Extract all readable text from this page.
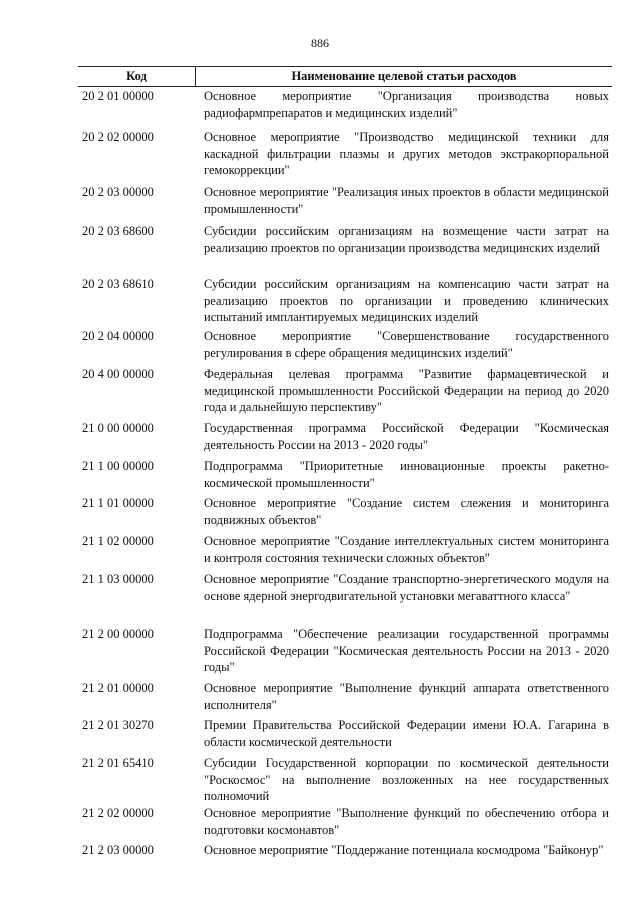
886
Код	Наименование целевой статьи расходов
20 2 01 00000	Основное мероприятие "Организация производства новых радиофармпрепаратов и медицинских изделий"
20 2 02 00000	Основное мероприятие "Производство медицинской техники для каскадной фильтрации плазмы и других методов экстракорпоральной гемокоррекции"
20 2 03 00000	Основное мероприятие "Реализация иных проектов в области медицинской промышленности"
20 2 03 68600	Субсидии российским организациям на возмещение части затрат на реализацию проектов по организации производства медицинских изделий
20 2 03 68610	Субсидии российским организациям на компенсацию части затрат на реализацию проектов по организации и проведению клинических испытаний имплантируемых медицинских изделий
20 2 04 00000	Основное мероприятие "Совершенствование государственного регулирования в сфере обращения медицинских изделий"
20 4 00 00000	Федеральная целевая программа "Развитие фармацевтической и медицинской промышленности Российской Федерации на период до 2020 года и дальнейшую перспективу"
21 0 00 00000	Государственная программа Российской Федерации "Космическая деятельность России на 2013 - 2020 годы"
21 1 00 00000	Подпрограмма "Приоритетные инновационные проекты ракетно-космической промышленности"
21 1 01 00000	Основное мероприятие "Создание систем слежения и мониторинга подвижных объектов"
21 1 02 00000	Основное мероприятие "Создание интеллектуальных систем мониторинга и контроля состояния технически сложных объектов"
21 1 03 00000	Основное мероприятие "Создание транспортно-энергетического модуля на основе ядерной энергодвигательной установки мегаваттного класса"
21 2 00 00000	Подпрограмма "Обеспечение реализации государственной программы Российской Федерации "Космическая деятельность России на 2013 - 2020 годы"
21 2 01 00000	Основное мероприятие "Выполнение функций аппарата ответственного исполнителя"
21 2 01 30270	Премии Правительства Российской Федерации имени Ю.А. Гагарина в области космической деятельности
21 2 01 65410	Субсидии Государственной корпорации по космической деятельности "Роскосмос" на выполнение возложенных на нее государственных полномочий
21 2 02 00000	Основное мероприятие "Выполнение функций по обеспечению отбора и подготовки космонавтов"
21 2 03 00000	Основное мероприятие "Поддержание потенциала космодрома "Байконур"
